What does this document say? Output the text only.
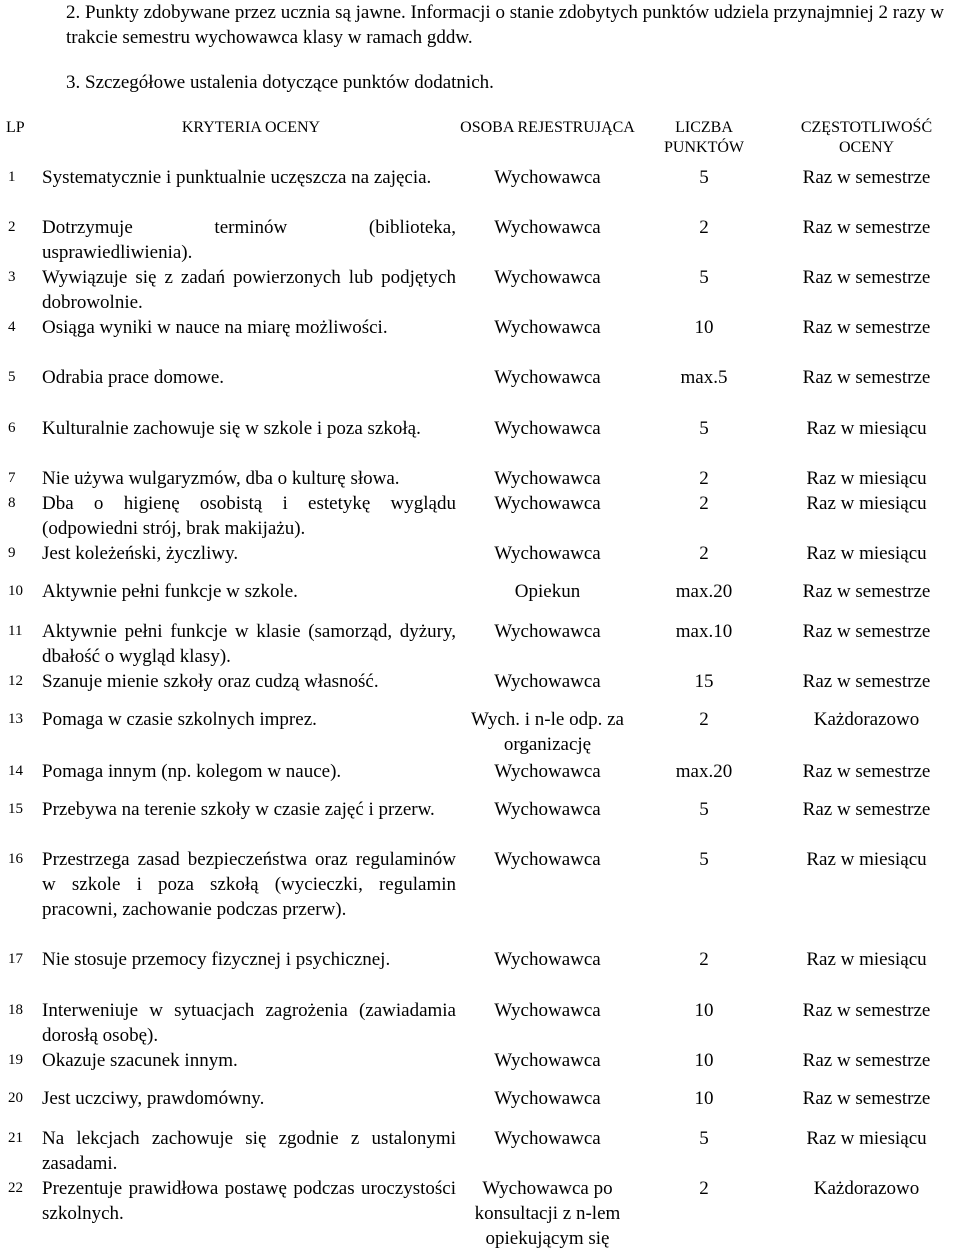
2. Punkty zdobywane przez ucznia są jawne. Informacji o stanie zdobytych punktów udziela przynajmniej 2 razy w trakcie semestru wychowawca klasy w ramach gddw.

3. Szczegółowe ustalenia dotyczące punktów dodatnich.

LP	KRYTERIA OCENY	OSOBA REJESTRUJĄCA	LICZBA PUNKTÓW	CZĘSTOTLIWOŚĆ OCENY
1	Systematycznie i punktualnie uczęszcza na zajęcia.	Wychowawca	5	Raz w semestrze
2	Dotrzymuje terminów (biblioteka, usprawiedliwienia).	Wychowawca	2	Raz w semestrze
3	Wywiązuje się z zadań powierzonych lub podjętych dobrowolnie.	Wychowawca	5	Raz w semestrze
4	Osiąga wyniki w nauce na miarę możliwości.	Wychowawca	10	Raz w semestrze
5	Odrabia prace domowe.	Wychowawca	max.5	Raz w semestrze
6	Kulturalnie zachowuje się w szkole i poza szkołą.	Wychowawca	5	Raz w miesiącu
7	Nie używa wulgaryzmów, dba o kulturę słowa.	Wychowawca	2	Raz w miesiącu
8	Dba o higienę osobistą i estetykę wyglądu (odpowiedni strój, brak makijażu).	Wychowawca	2	Raz w miesiącu
9	Jest koleżeński, życzliwy.	Wychowawca	2	Raz w miesiącu
10	Aktywnie pełni funkcje w szkole.	Opiekun	max.20	Raz w semestrze
11	Aktywnie pełni funkcje w klasie (samorząd, dyżury, dbałość o wygląd klasy).	Wychowawca	max.10	Raz w semestrze
12	Szanuje mienie szkoły oraz cudzą własność.	Wychowawca	15	Raz w semestrze
13	Pomaga w czasie szkolnych imprez.	Wych. i n-le odp. za organizację	2	Każdorazowo
14	Pomaga innym (np. kolegom w nauce).	Wychowawca	max.20	Raz w semestrze
15	Przebywa na terenie szkoły w czasie zajęć i przerw.	Wychowawca	5	Raz w semestrze
16	Przestrzega zasad bezpieczeństwa oraz regulaminów w szkole i poza szkołą (wycieczki, regulamin pracowni, zachowanie podczas przerw).	Wychowawca	5	Raz w miesiącu
17	Nie stosuje przemocy fizycznej i psychicznej.	Wychowawca	2	Raz w miesiącu
18	Interweniuje w sytuacjach zagrożenia (zawiadamia dorosłą osobę).	Wychowawca	10	Raz w semestrze
19	Okazuje szacunek innym.	Wychowawca	10	Raz w semestrze
20	Jest uczciwy, prawdomówny.	Wychowawca	10	Raz w semestrze
21	Na lekcjach zachowuje się zgodnie z ustalonymi zasadami.	Wychowawca	5	Raz w miesiącu
22	Prezentuje prawidłowa postawę podczas uroczystości szkolnych.	Wychowawca po konsultacji z n-lem opiekującym się	2	Każdorazowo
